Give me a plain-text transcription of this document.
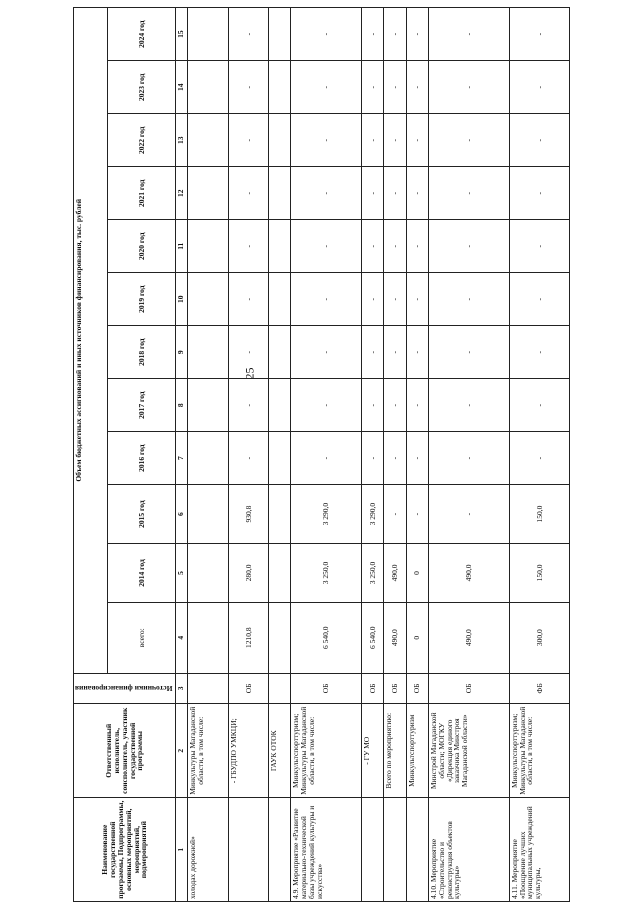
25
Наименование государственной программы, Подпрограммы, основных мероприятий, мероприятий, подмероприятий	Ответственный исполнитель, соисполнитель, участник государственной программы	Источники финансирования	Объем бюджетных ассигнований и иных источников финансирования, тыс. рублей											
			всего:	2014 год	2015 год	2016 год	2017 год	2018 год	2019 год	2020 год	2021 год	2022 год	2023 год	2024 год
1	2	3	4	5	6	7	8	9	10	11	12	13	14	15
холодах дорожной»	Минкультуры Магаданской области, в том числе:													
	- ГБУДПО УМКЦИ;	ОБ	1210,8	280,0	930,8	-	-	-	-	-	-	-	-	-
	ГАУК ОТОК													
4.9. Мероприятие «Развитие материально-технической базы учреждений культуры и искусства»	Минкультспорттуризм; Минкультуры Магаданской области, в том числе:	ОБ	6 540,0	3 250,0	3 290,0	-	-	-	-	-	-	-	-	-
	- ГУ МО	ОБ	6 540,0	3 250,0	3 290,0	-	-	-	-	-	-	-	-	-
	Всего по мероприятию:	ОБ	490,0	490,0	-	-	-	-	-	-	-	-	-	-
	Минкультспорттуризм	ОБ	0	0	-	-	-	-	-	-	-	-	-	-
4.10. Мероприятие «Строительство и реконструкция объектов культуры»	Минстрой Магаданской области; МОГКУ «Дирекция единого заказчика Минстроя Магаданской области»	ОБ	490,0	490,0	-	-	-	-	-	-	-	-	-	-
4.11. Мероприятие «Поощрение лучших муниципальных учреждений культуры,	Минкультспорттуризм; Минкультуры Магаданской области, в том числе:	ФБ	300,0	150,0	150,0	-	-	-	-	-	-	-	-	-
